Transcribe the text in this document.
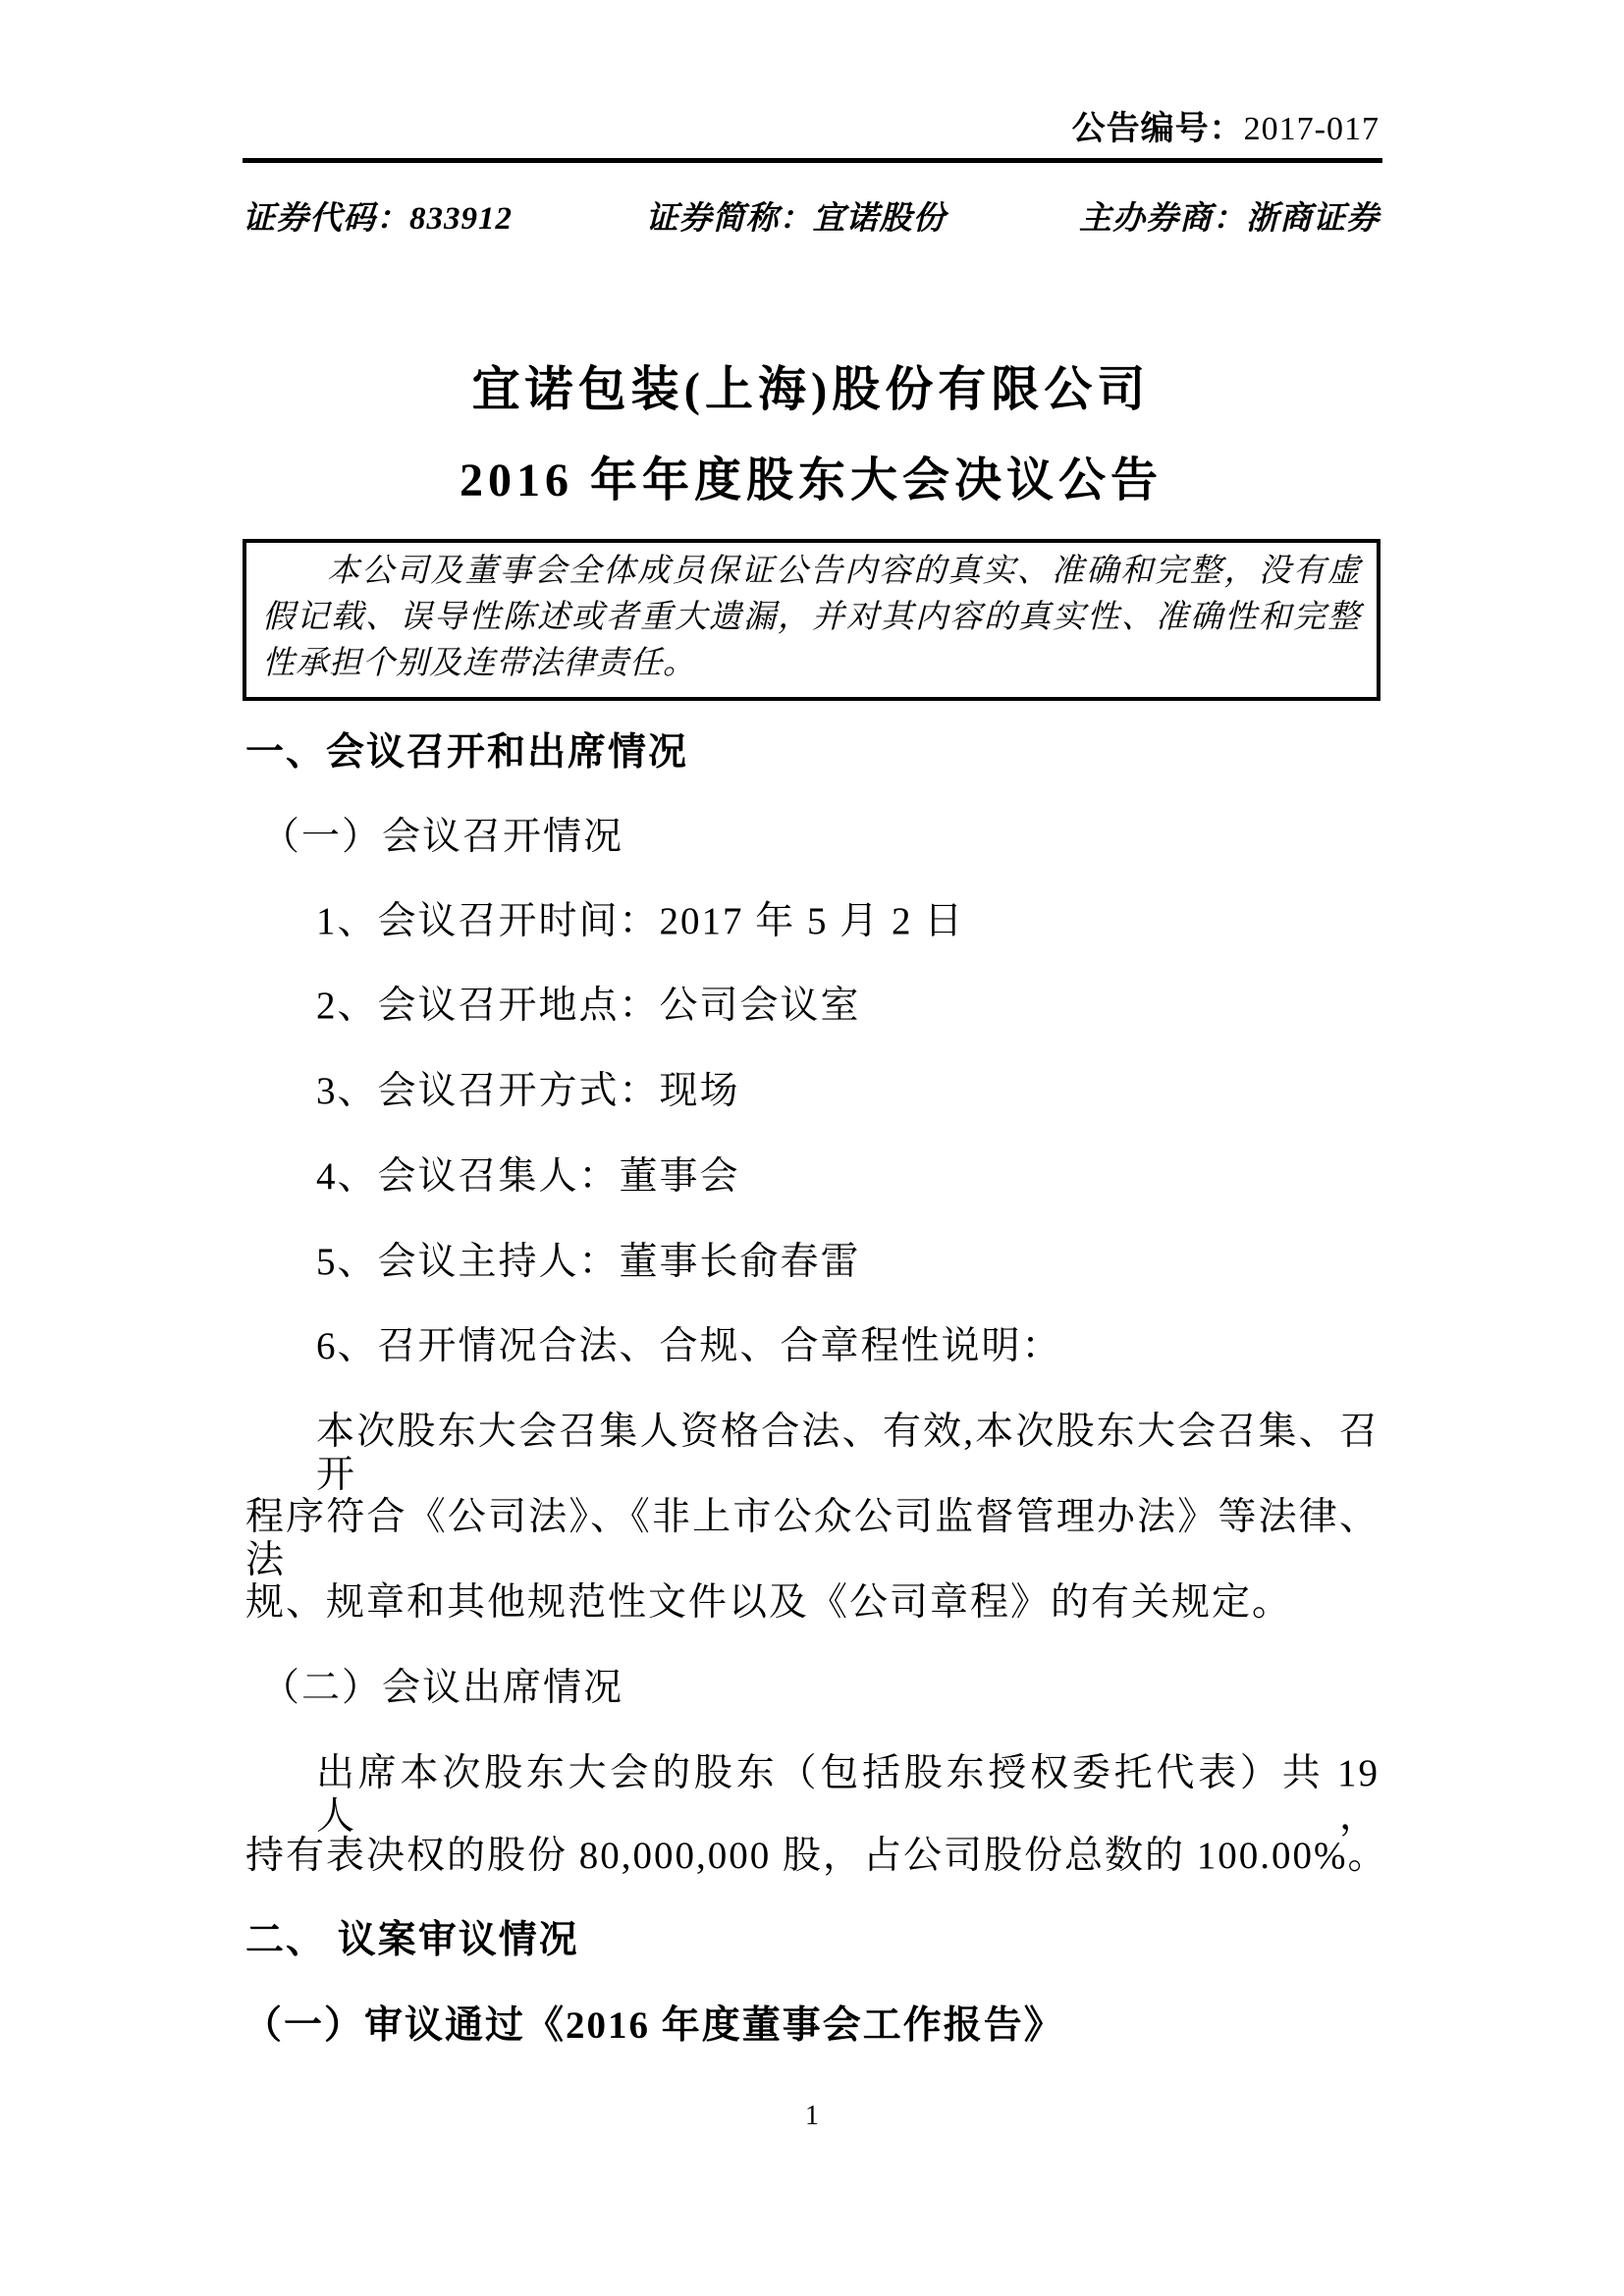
公告编号：2017-017
证券代码：833912	证券简称：宜诺股份	主办券商：浙商证券
宜诺包装(上海)股份有限公司
2016 年年度股东大会决议公告
本公司及董事会全体成员保证公告内容的真实、准确和完整，没有虚假记载、误导性陈述或者重大遗漏，并对其内容的真实性、准确性和完整性承担个别及连带法律责任。
一、会议召开和出席情况
（一）会议召开情况
1、会议召开时间：2017 年 5 月 2 日
2、会议召开地点：公司会议室
3、会议召开方式：现场
4、会议召集人：董事会
5、会议主持人：董事长俞春雷
6、召开情况合法、合规、合章程性说明：
本次股东大会召集人资格合法、有效,本次股东大会召集、召开
程序符合《公司法》、《非上市公众公司监督管理办法》等法律、法
规、规章和其他规范性文件以及《公司章程》的有关规定。
（二）会议出席情况
出席本次股东大会的股东（包括股东授权委托代表）共 19 人，
持有表决权的股份 80,000,000 股，占公司股份总数的 100.00%。
二、 议案审议情况
（一）审议通过《2016 年度董事会工作报告》
1
